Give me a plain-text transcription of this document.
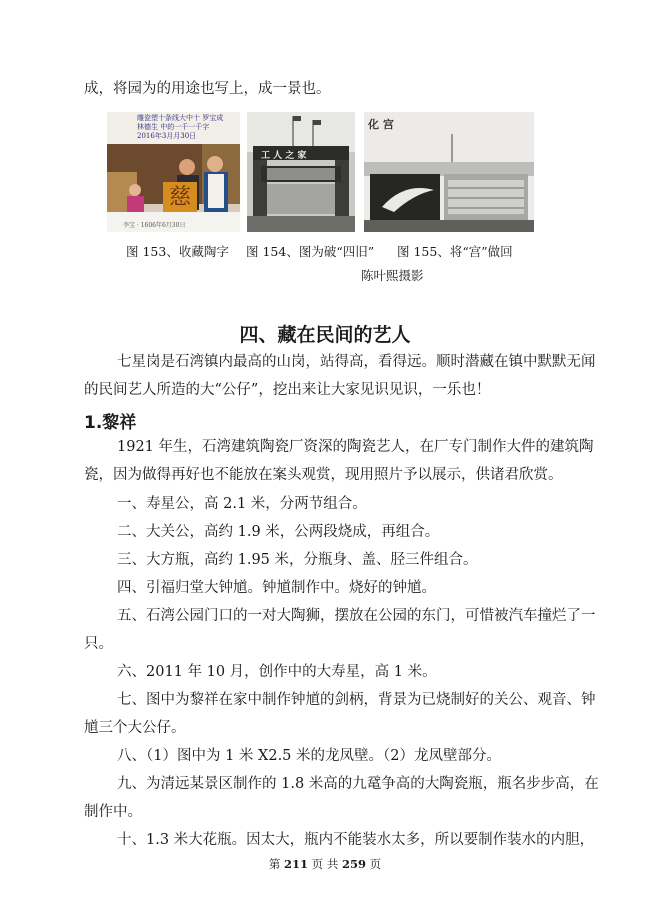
成，将园为的用途也写上，成一景也。

慈
雕瓷塑十条线大中十 罗宝成
林德生 中的一千一千字
2016年3月月30日
李宝 · 1606年6月30日
工 人 之 家
化 宫
图 153、收藏陶字 图 154、图为破“四旧” 图 155、将“宫”做回
陈叶熙摄影
四、藏在民间的艺人

七星岗是石湾镇内最高的山岗，站得高，看得远。顺时潜藏在镇中默默无闻

的民间艺人所造的大“公仔”，挖出来让大家见识见识，一乐也！

1.黎祥

1921 年生，石湾建筑陶瓷厂资深的陶瓷艺人，在厂专门制作大件的建筑陶

瓷，因为做得再好也不能放在案头观赏，现用照片予以展示，供诸君欣赏。

一、寿星公，高 2.1 米，分两节组合。

二、大关公，高约 1.9 米，公两段烧成，再组合。

三、大方瓶，高约 1.95 米，分瓶身、盖、胫三件组合。

四、引福归堂大钟馗。钟馗制作中。烧好的钟馗。

五、石湾公园门口的一对大陶狮，摆放在公园的东门，可惜被汽车撞烂了一

只。

六、2011 年 10 月，创作中的大寿星，高 1 米。

七、图中为黎祥在家中制作钟馗的剑柄，背景为已烧制好的关公、观音、钟

馗三个大公仔。

八、（1）图中为 1 米 X2.5 米的龙凤壁。（2）龙凤壁部分。

九、为清远某景区制作的 1.8 米高的九鼋争高的大陶瓷瓶，瓶名步步高，在

制作中。

十、1.3 米大花瓶。因太大，瓶内不能装水太多，所以要制作装水的内胆，

第 211 页 共 259 页
